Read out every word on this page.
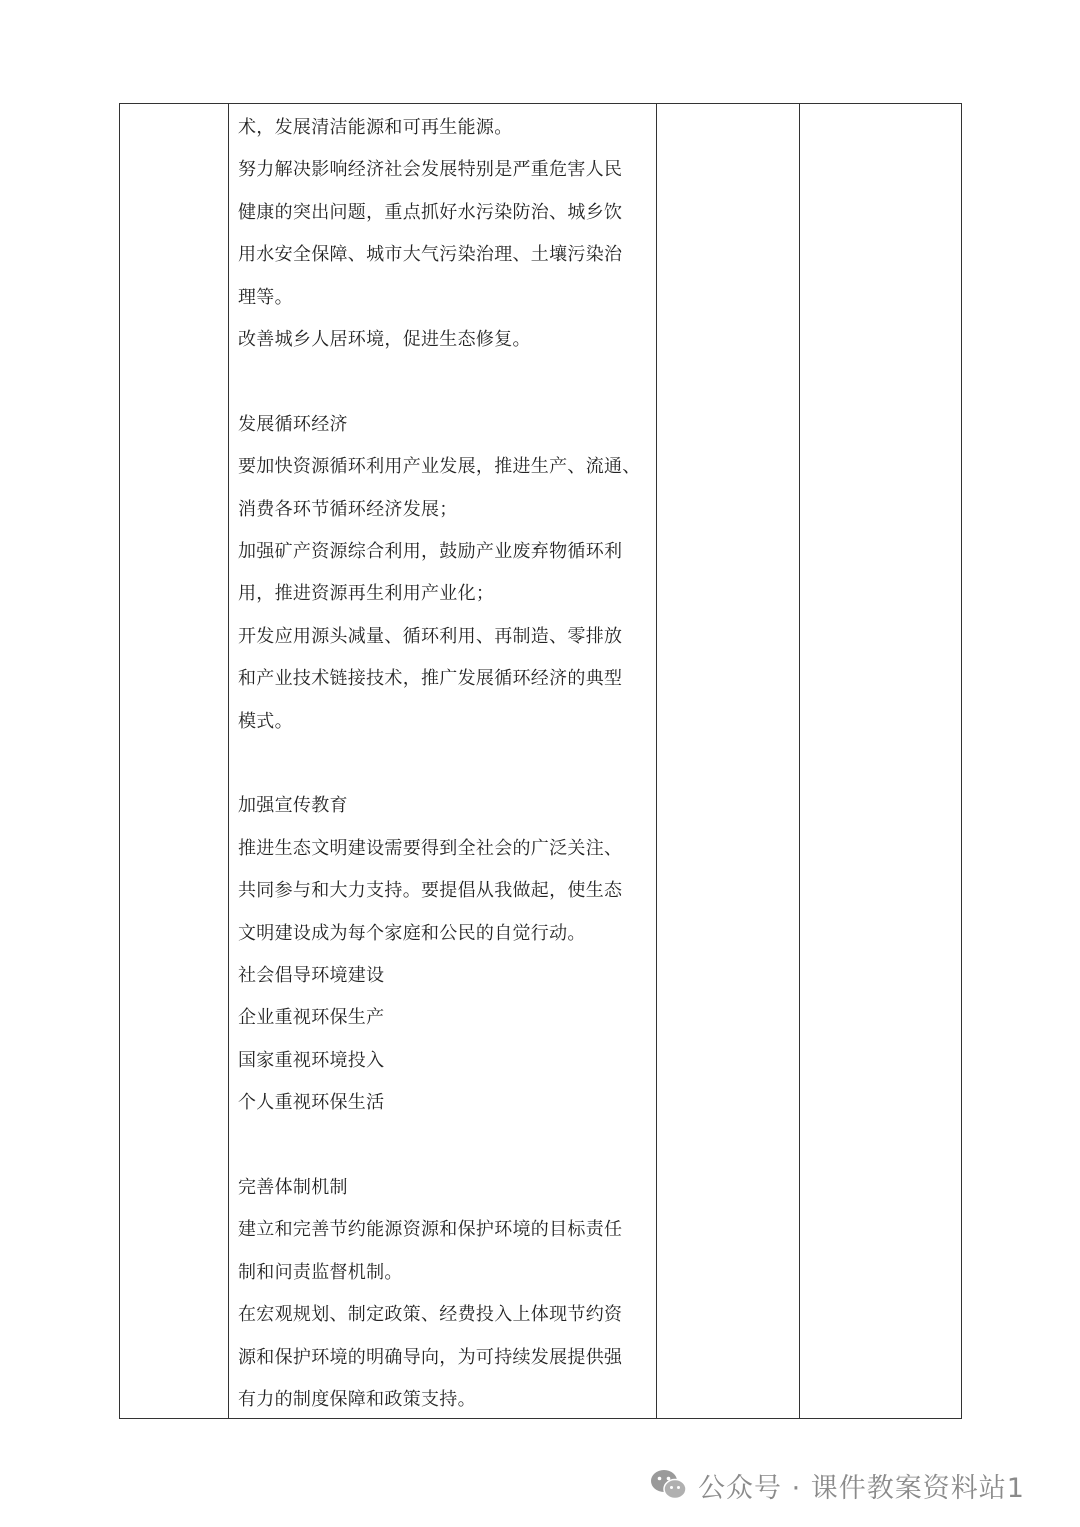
术，发展清洁能源和可再生能源。
努力解决影响经济社会发展特别是严重危害人民
健康的突出问题，重点抓好水污染防治、城乡饮
用水安全保障、城市大气污染治理、土壤污染治
理等。
改善城乡人居环境，促进生态修复。
发展循环经济
要加快资源循环利用产业发展，推进生产、流通、
消费各环节循环经济发展；
加强矿产资源综合利用，鼓励产业废弃物循环利
用，推进资源再生利用产业化；
开发应用源头减量、循环利用、再制造、零排放
和产业技术链接技术，推广发展循环经济的典型
模式。
加强宣传教育
推进生态文明建设需要得到全社会的广泛关注、
共同参与和大力支持。要提倡从我做起，使生态
文明建设成为每个家庭和公民的自觉行动。
社会倡导环境建设
企业重视环保生产
国家重视环境投入
个人重视环保生活
完善体制机制
建立和完善节约能源资源和保护环境的目标责任
制和问责监督机制。
在宏观规划、制定政策、经费投入上体现节约资
源和保护环境的明确导向，为可持续发展提供强
有力的制度保障和政策支持。
公众号 · 课件教案资料站1
